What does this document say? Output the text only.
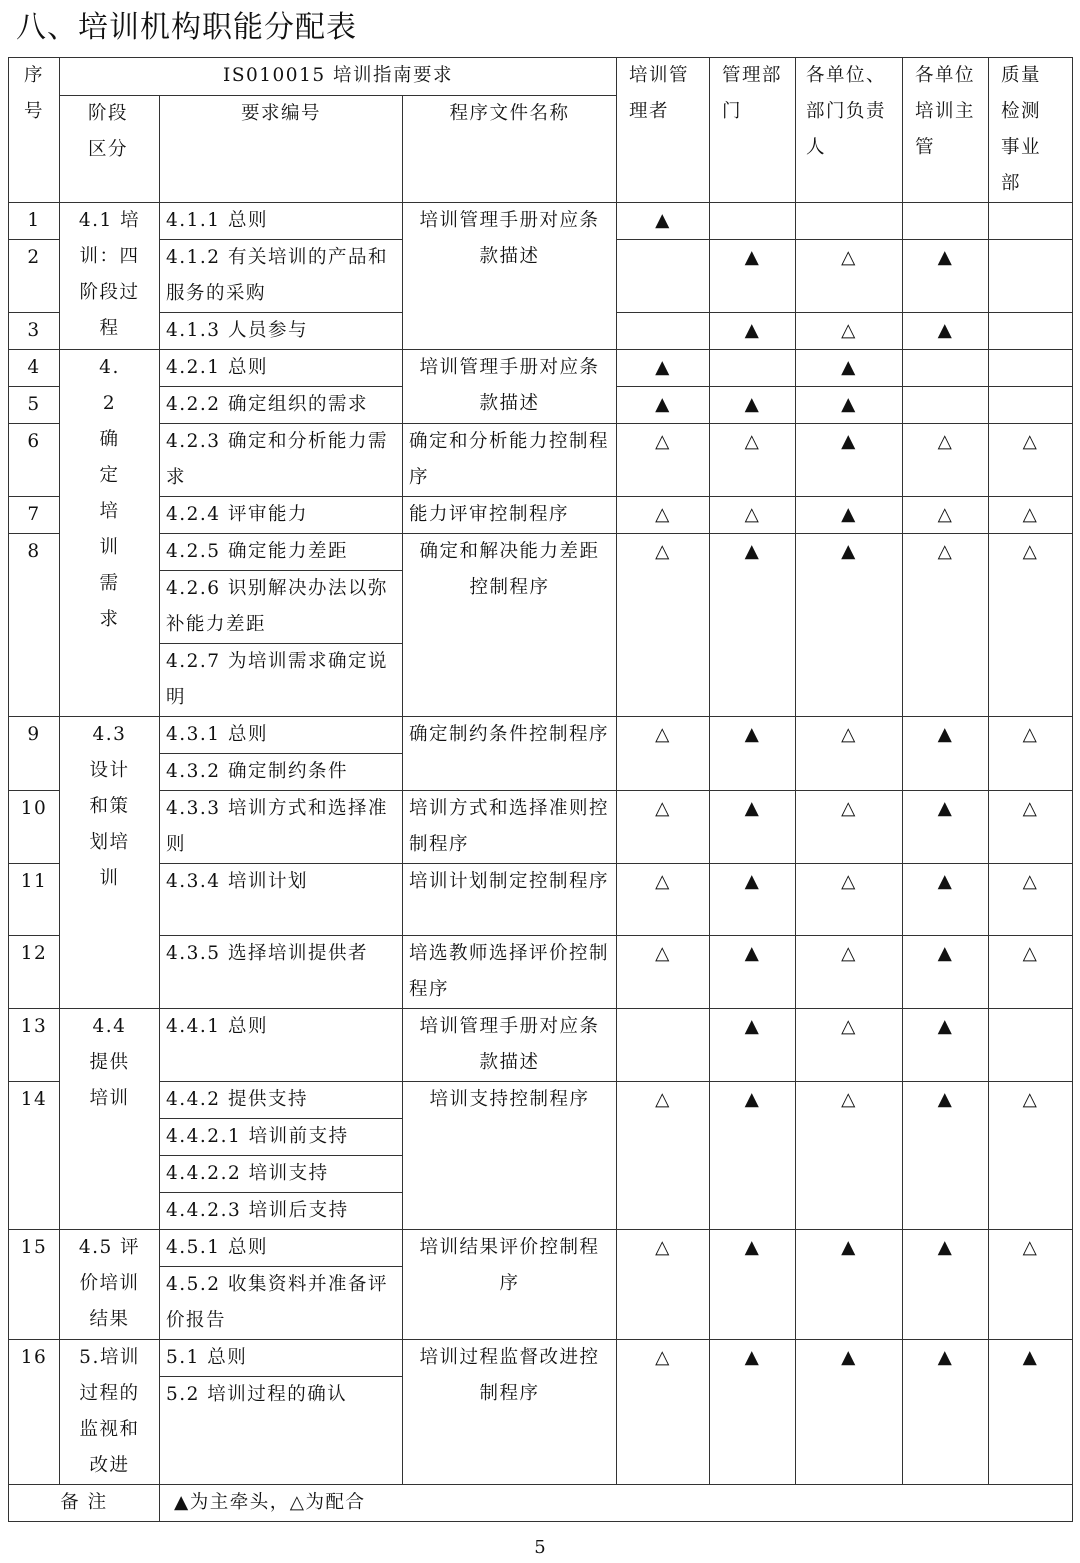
八、培训机构职能分配表
序号	IS010015 培训指南要求			培训管理者	管理部门	各单位、部门负责人	各单位培训主管	质量检测事业部
	阶段区分	要求编号	程序文件名称					

1	4.1 培训：四阶段过程	4.1.1 总则	培训管理手册对应条款描述	▲				
2		4.1.2 有关培训的产品和服务的采购			▲	△	▲	
3		4.1.3 人员参与			▲	△	▲	
4	4.2 确定培训需求	4.2.1 总则	培训管理手册对应条款描述	▲		▲		
5		4.2.2 确定组织的需求		▲	▲	▲		
6		4.2.3 确定和分析能力需求	确定和分析能力控制程序	△	△	▲	△	△
7		4.2.4 评审能力	能力评审控制程序	△	△	▲	△	△
8		4.2.5 确定能力差距	确定和解决能力差距控制程序	△	▲	▲	△	△
		4.2.6 识别解决办法以弥补能力差距						
		4.2.7 为培训需求确定说明						
9	4.3 设计和策划培训	4.3.1 总则	确定制约条件控制程序	△	▲	△	▲	△
		4.3.2 确定制约条件						
10		4.3.3 培训方式和选择准则	培训方式和选择准则控制程序	△	▲	△	▲	△
11		4.3.4 培训计划	培训计划制定控制程序	△	▲	△	▲	△
12		4.3.5 选择培训提供者	培选教师选择评价控制程序	△	▲	△	▲	△
13	4.4 提供培训	4.4.1 总则	培训管理手册对应条款描述		▲	△	▲	
14		4.4.2 提供支持	培训支持控制程序	△	▲	△	▲	△
		4.4.2.1 培训前支持						
		4.4.2.2 培训支持						
		4.4.2.3 培训后支持						
15	4.5 评价培训结果	4.5.1 总则	培训结果评价控制程序	△	▲	▲	▲	△
		4.5.2 收集资料并准备评价报告						
16	5.培训过程的监视和改进	5.1 总则	培训过程监督改进控制程序	△	▲	▲	▲	▲
		5.2 培训过程的确认						
备 注		▲为主牵头，△为配合						
5
